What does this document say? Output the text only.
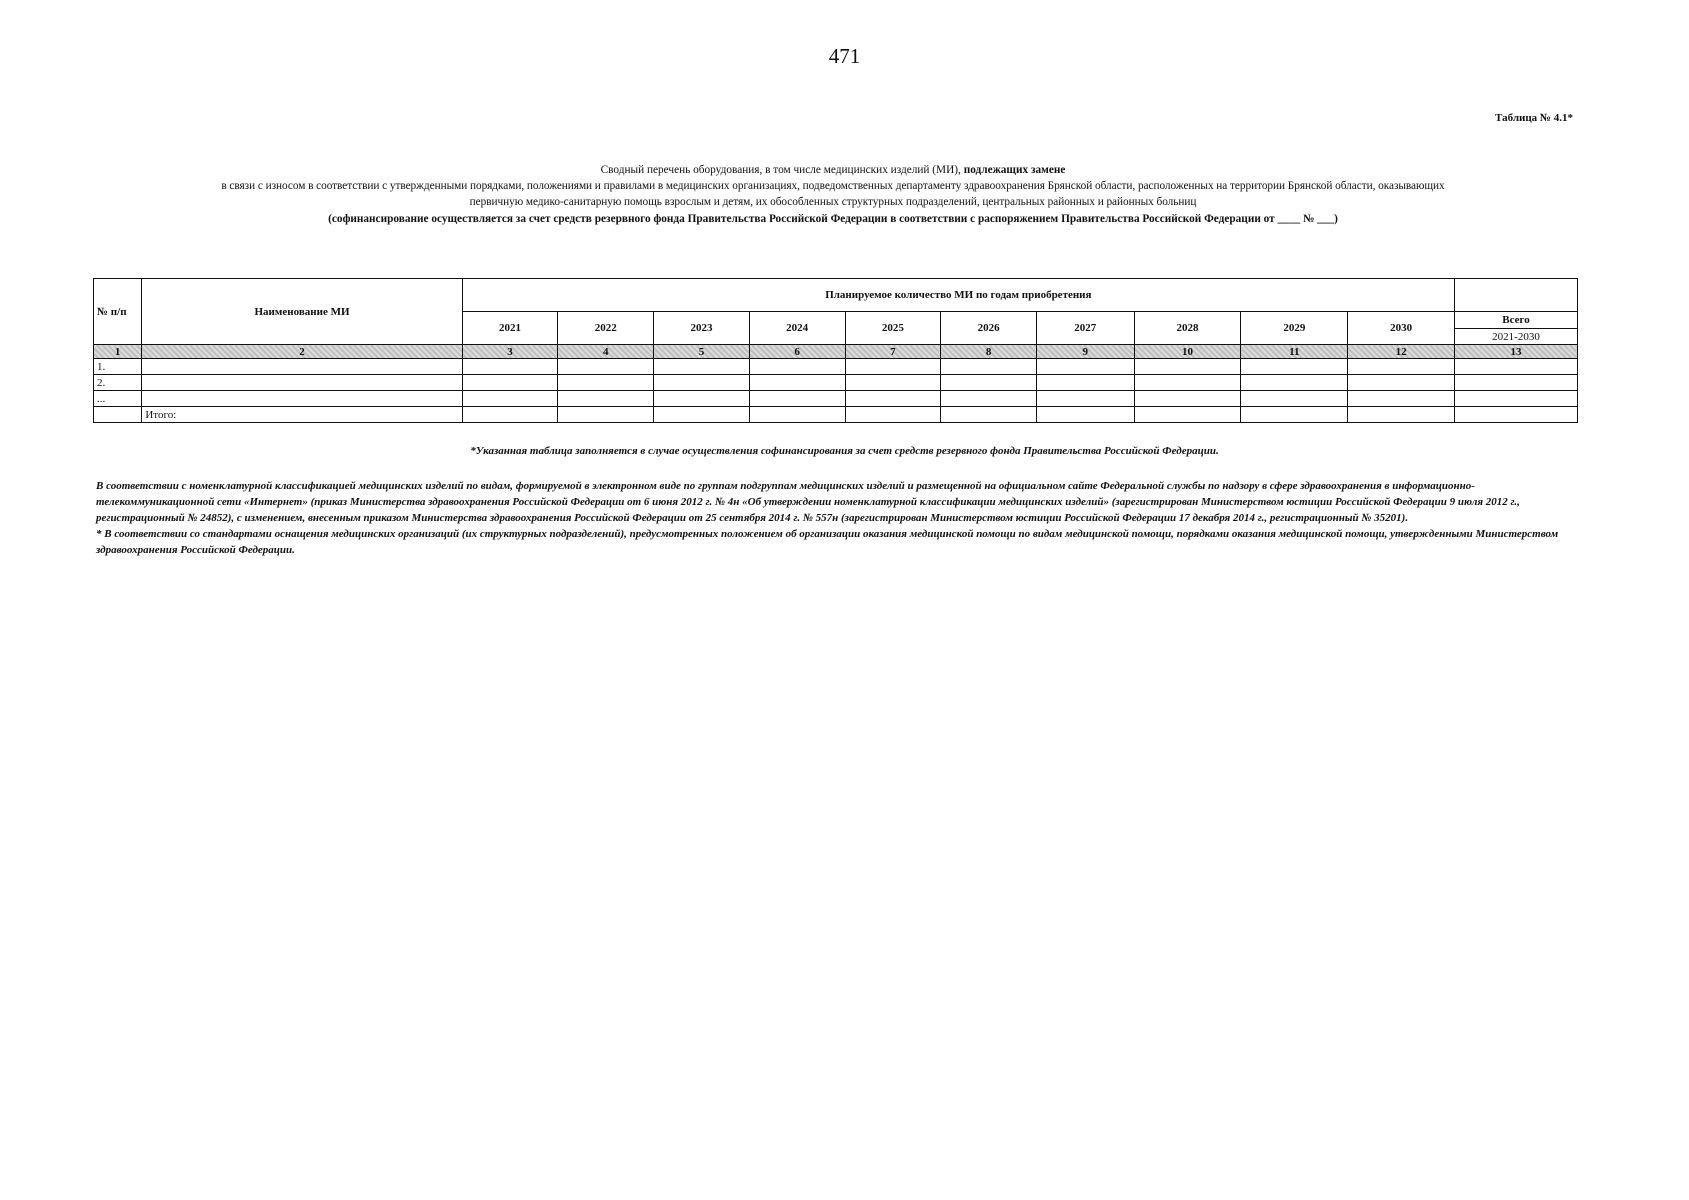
471
Таблица № 4.1*
Сводный перечень оборудования, в том числе медицинских изделий (МИ), подлежащих замене
в связи с износом в соответствии с утвержденными порядками, положениями и правилами в медицинских организациях, подведомственных департаменту здравоохранения Брянской области, расположенных на территории Брянской области, оказывающих
первичную медико-санитарную помощь взрослым и детям, их обособленных структурных подразделений, центральных районных и районных больниц
(софинансирование осуществляется за счет средств резервного фонда Правительства Российской Федерации в соответствии с распоряжением Правительства Российской Федерации от ____ № ___)
№ п/п	Наименование МИ	Планируемое количество МИ по годам приобретения										
		2021	2022	2023	2024	2025	2026	2027	2028	2029	2030	Всего
												2021-2030
1	2	3	4	5	6	7	8	9	10	11	12	13
1.												
2.												
...												
	Итого:											
*Указанная таблица заполняется в случае осуществления софинансирования за счет средств резервного фонда Правительства Российской Федерации.

В соответствии с номенклатурной классификацией медицинских изделий по видам, формируемой в электронном виде по группам подгруппам медицинских изделий и размещенной на официальном сайте Федеральной службы по надзору в сфере здравоохранения в информационно-телекоммуникационной сети «Интернет» (приказ Министерства здравоохранения Российской Федерации от 6 июня 2012 г. № 4н «Об утверждении номенклатурной классификации медицинских изделий» (зарегистрирован Министерством юстиции Российской Федерации 9 июля 2012 г., регистрационный № 24852), с изменением, внесенным приказом Министерства здравоохранения Российской Федерации от 25 сентября 2014 г. № 557н (зарегистрирован Министерством юстиции Российской Федерации 17 декабря 2014 г., регистрационный № 35201).

* В соответствии со стандартами оснащения медицинских организаций (их структурных подразделений), предусмотренных положением об организации оказания медицинской помощи по видам медицинской помощи, порядками оказания медицинской помощи, утвержденными Министерством здравоохранения Российской Федерации.
